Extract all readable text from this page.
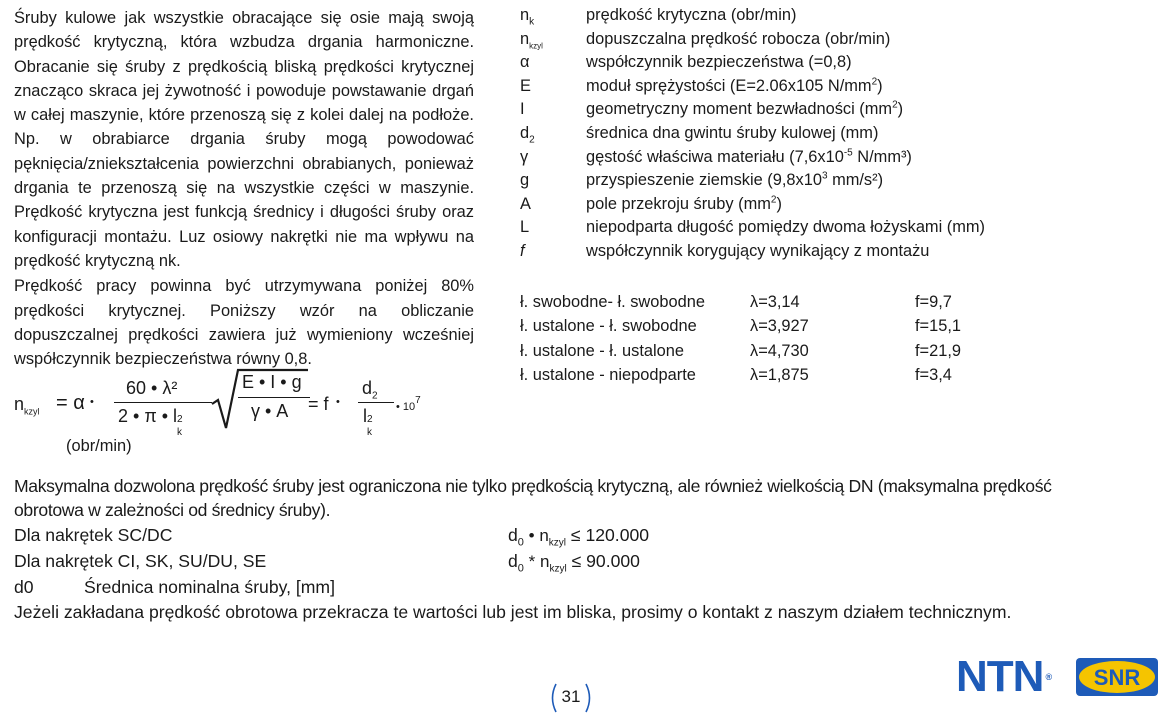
Śruby kulowe jak wszystkie obracające się osie mają swoją prędkość krytyczną, która wzbudza drgania harmoniczne. Obracanie się śruby z prędkością bliską prędkości krytycznej znacząco skraca jej żywotność i powoduje powstawanie drgań w całej maszynie, które przenoszą się z kolei dalej na podłoże. Np. w obrabiarce drgania śruby mogą powodować pęknięcia/zniekształcenia powierzchni obrabianych, ponieważ drgania te przenoszą się na wszystkie części w maszynie. Prędkość krytyczna jest funkcją średnicy i długości śruby oraz konfiguracji montażu. Luz osiowy nakrętki nie ma wpływu na prędkość krytyczną nk.

Prędkość pracy powinna być utrzymywana poniżej 80% prędkości krytycznej. Poniższy wzór na obliczanie dopuszczalnej prędkości zawiera już wymieniony wcześniej współczynnik bezpieczeństwa równy 0,8.

$n_k$	prędkość krytyczna (obr/min)
$n_{kzyl}$	dopuszczalna prędkość robocza (obr/min)
α	współczynnik bezpieczeństwa (=0,8)
E	moduł sprężystości (E=2.06x105 $N/mm^2$)
I	geometryczny moment bezwładności $(mm^2)$
$d_2$	średnica dna gwintu śruby kulowej (mm)
γ	gęstość właściwa materiału ($7,6x10^{-5}$ N/mm³)
g	przyspieszenie ziemskie ($9,8x10^3$ mm/s²)
A	pole przekroju śruby $(mm^2)$
L	niepodparta długość pomiędzy dwoma łożyskami (mm)
f	współczynnik korygujący wynikający z montażu
ł. swobodne- ł. swobodne	λ=3,14	f=9,7
ł. ustalone - ł. swobodne	λ=3,927	f=15,1
ł. ustalone - ł. ustalone	λ=4,730	f=21,9
ł. ustalone - niepodparte	λ=1,875	f=3,4
$n_{kzyl} = \alpha$ •
60 • λ²
2 • π • l 2
k
E • I • g
γ • A = f •
$d_2$
l 2
k
• $10^7$
(obr/min)

Maksymalna dozwolona prędkość śruby jest ograniczona nie tylko prędkością krytyczną, ale również wielkością DN (maksymalna prędkość obrotowa w zależności od średnicy śruby).

Dla nakrętek SC/DC	$d_0$ • $n_{kzyl} \le 120.000$
Dla nakrętek CI, SK, SU/DU, SE	$d_0 * n_{kzyl} \le 90.000$
d0	Średnica nominalna śruby, [mm]

Jeżeli zakładana prędkość obrotowa przekracza te wartości lub jest im bliska, prosimy o kontakt z naszym działem technicznym.

31	NTN ® SNR
